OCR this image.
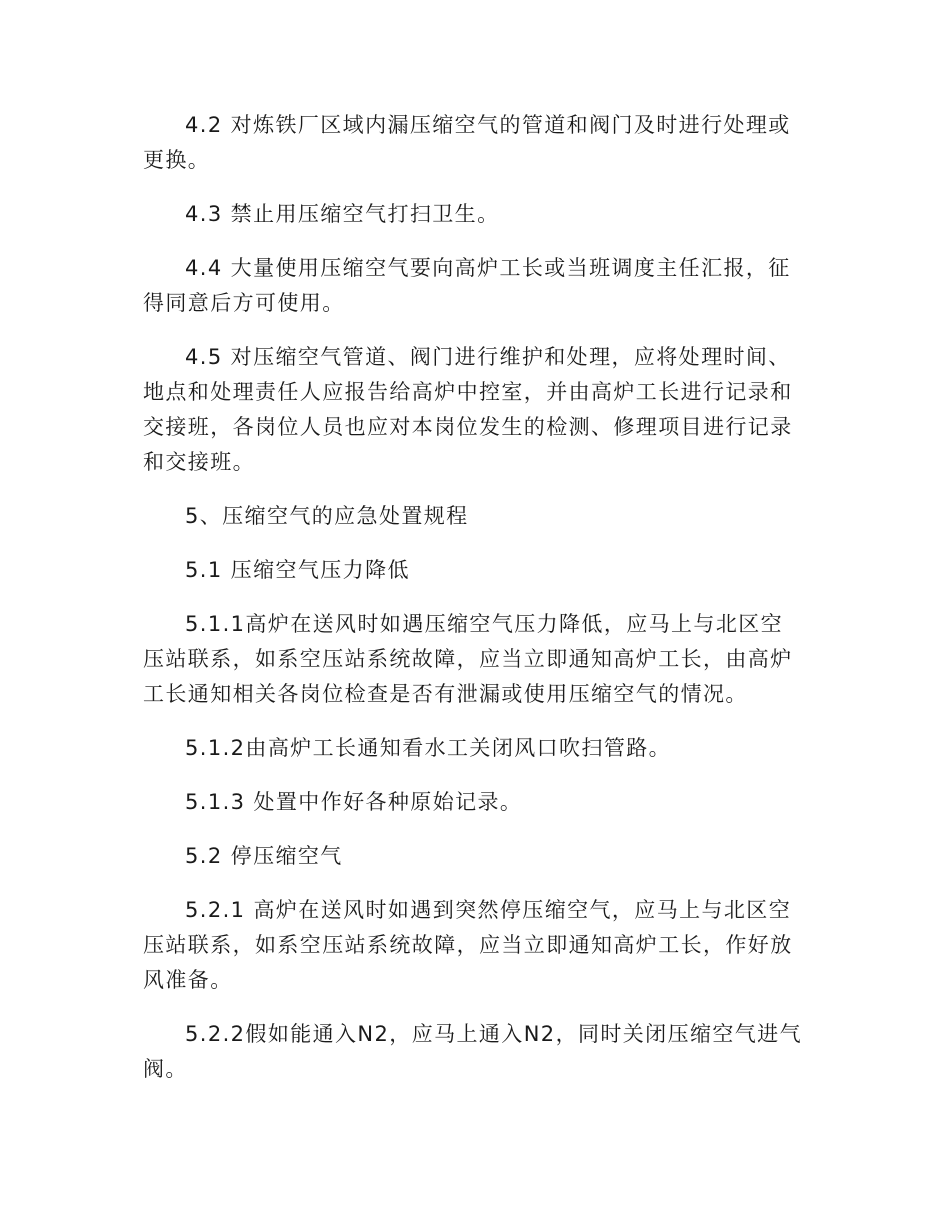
4.2 对炼铁厂区域内漏压缩空气的管道和阀门及时进行处理或更换。

4.3 禁止用压缩空气打扫卫生。

4.4 大量使用压缩空气要向高炉工长或当班调度主任汇报，征得同意后方可使用。

4.5 对压缩空气管道、阀门进行维护和处理，应将处理时间、地点和处理责任人应报告给高炉中控室，并由高炉工长进行记录和交接班，各岗位人员也应对本岗位发生的检测、修理项目进行记录和交接班。

5、压缩空气的应急处置规程

5.1 压缩空气压力降低

5.1.1高炉在送风时如遇压缩空气压力降低，应马上与北区空压站联系，如系空压站系统故障，应当立即通知高炉工长，由高炉工长通知相关各岗位检查是否有泄漏或使用压缩空气的情况。

5.1.2由高炉工长通知看水工关闭风口吹扫管路。

5.1.3 处置中作好各种原始记录。

5.2 停压缩空气

5.2.1 高炉在送风时如遇到突然停压缩空气，应马上与北区空压站联系，如系空压站系统故障，应当立即通知高炉工长，作好放风准备。

5.2.2假如能通入N2，应马上通入N2，同时关闭压缩空气进气阀。
